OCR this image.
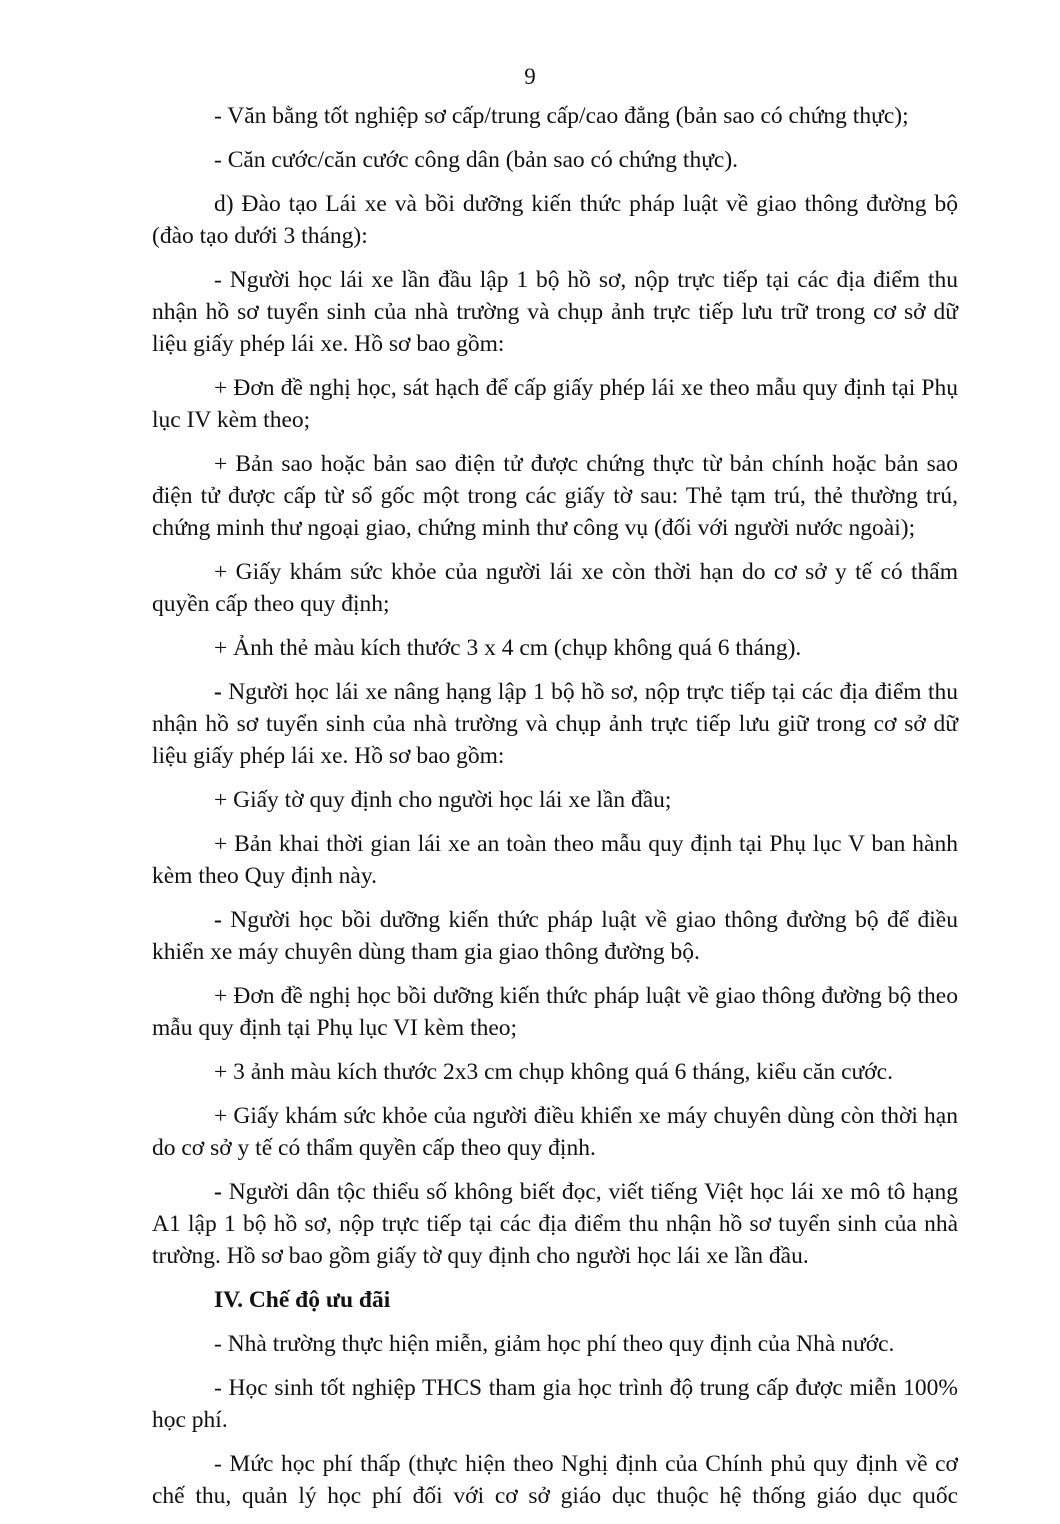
9

- Văn bằng tốt nghiệp sơ cấp/trung cấp/cao đẳng (bản sao có chứng thực);

- Căn cước/căn cước công dân (bản sao có chứng thực).

d) Đào tạo Lái xe và bồi dưỡng kiến thức pháp luật về giao thông đường bộ (đào tạo dưới 3 tháng):

- Người học lái xe lần đầu lập 1 bộ hồ sơ, nộp trực tiếp tại các địa điểm thu nhận hồ sơ tuyển sinh của nhà trường và chụp ảnh trực tiếp lưu trữ trong cơ sở dữ liệu giấy phép lái xe. Hồ sơ bao gồm:

+ Đơn đề nghị học, sát hạch để cấp giấy phép lái xe theo mẫu quy định tại Phụ lục IV kèm theo;

+ Bản sao hoặc bản sao điện tử được chứng thực từ bản chính hoặc bản sao điện tử được cấp từ sổ gốc một trong các giấy tờ sau: Thẻ tạm trú, thẻ thường trú, chứng minh thư ngoại giao, chứng minh thư công vụ (đối với người nước ngoài);

+ Giấy khám sức khỏe của người lái xe còn thời hạn do cơ sở y tế có thẩm quyền cấp theo quy định;

+ Ảnh thẻ màu kích thước 3 x 4 cm (chụp không quá 6 tháng).

- Người học lái xe nâng hạng lập 1 bộ hồ sơ, nộp trực tiếp tại các địa điểm thu nhận hồ sơ tuyển sinh của nhà trường và chụp ảnh trực tiếp lưu giữ trong cơ sở dữ liệu giấy phép lái xe. Hồ sơ bao gồm:

+ Giấy tờ quy định cho người học lái xe lần đầu;

+ Bản khai thời gian lái xe an toàn theo mẫu quy định tại Phụ lục V ban hành kèm theo Quy định này.

- Người học bồi dưỡng kiến thức pháp luật về giao thông đường bộ để điều khiển xe máy chuyên dùng tham gia giao thông đường bộ.

+ Đơn đề nghị học bồi dưỡng kiến thức pháp luật về giao thông đường bộ theo mẫu quy định tại Phụ lục VI kèm theo;

+ 3 ảnh màu kích thước 2x3 cm chụp không quá 6 tháng, kiểu căn cước.

+ Giấy khám sức khỏe của người điều khiển xe máy chuyên dùng còn thời hạn do cơ sở y tế có thẩm quyền cấp theo quy định.

- Người dân tộc thiểu số không biết đọc, viết tiếng Việt học lái xe mô tô hạng A1 lập 1 bộ hồ sơ, nộp trực tiếp tại các địa điểm thu nhận hồ sơ tuyển sinh của nhà trường. Hồ sơ bao gồm giấy tờ quy định cho người học lái xe lần đầu.

IV. Chế độ ưu đãi

- Nhà trường thực hiện miễn, giảm học phí theo quy định của Nhà nước.

- Học sinh tốt nghiệp THCS tham gia học trình độ trung cấp được miễn 100% học phí.

- Mức học phí thấp (thực hiện theo Nghị định của Chính phủ quy định về cơ chế thu, quản lý học phí đối với cơ sở giáo dục thuộc hệ thống giáo dục quốc
